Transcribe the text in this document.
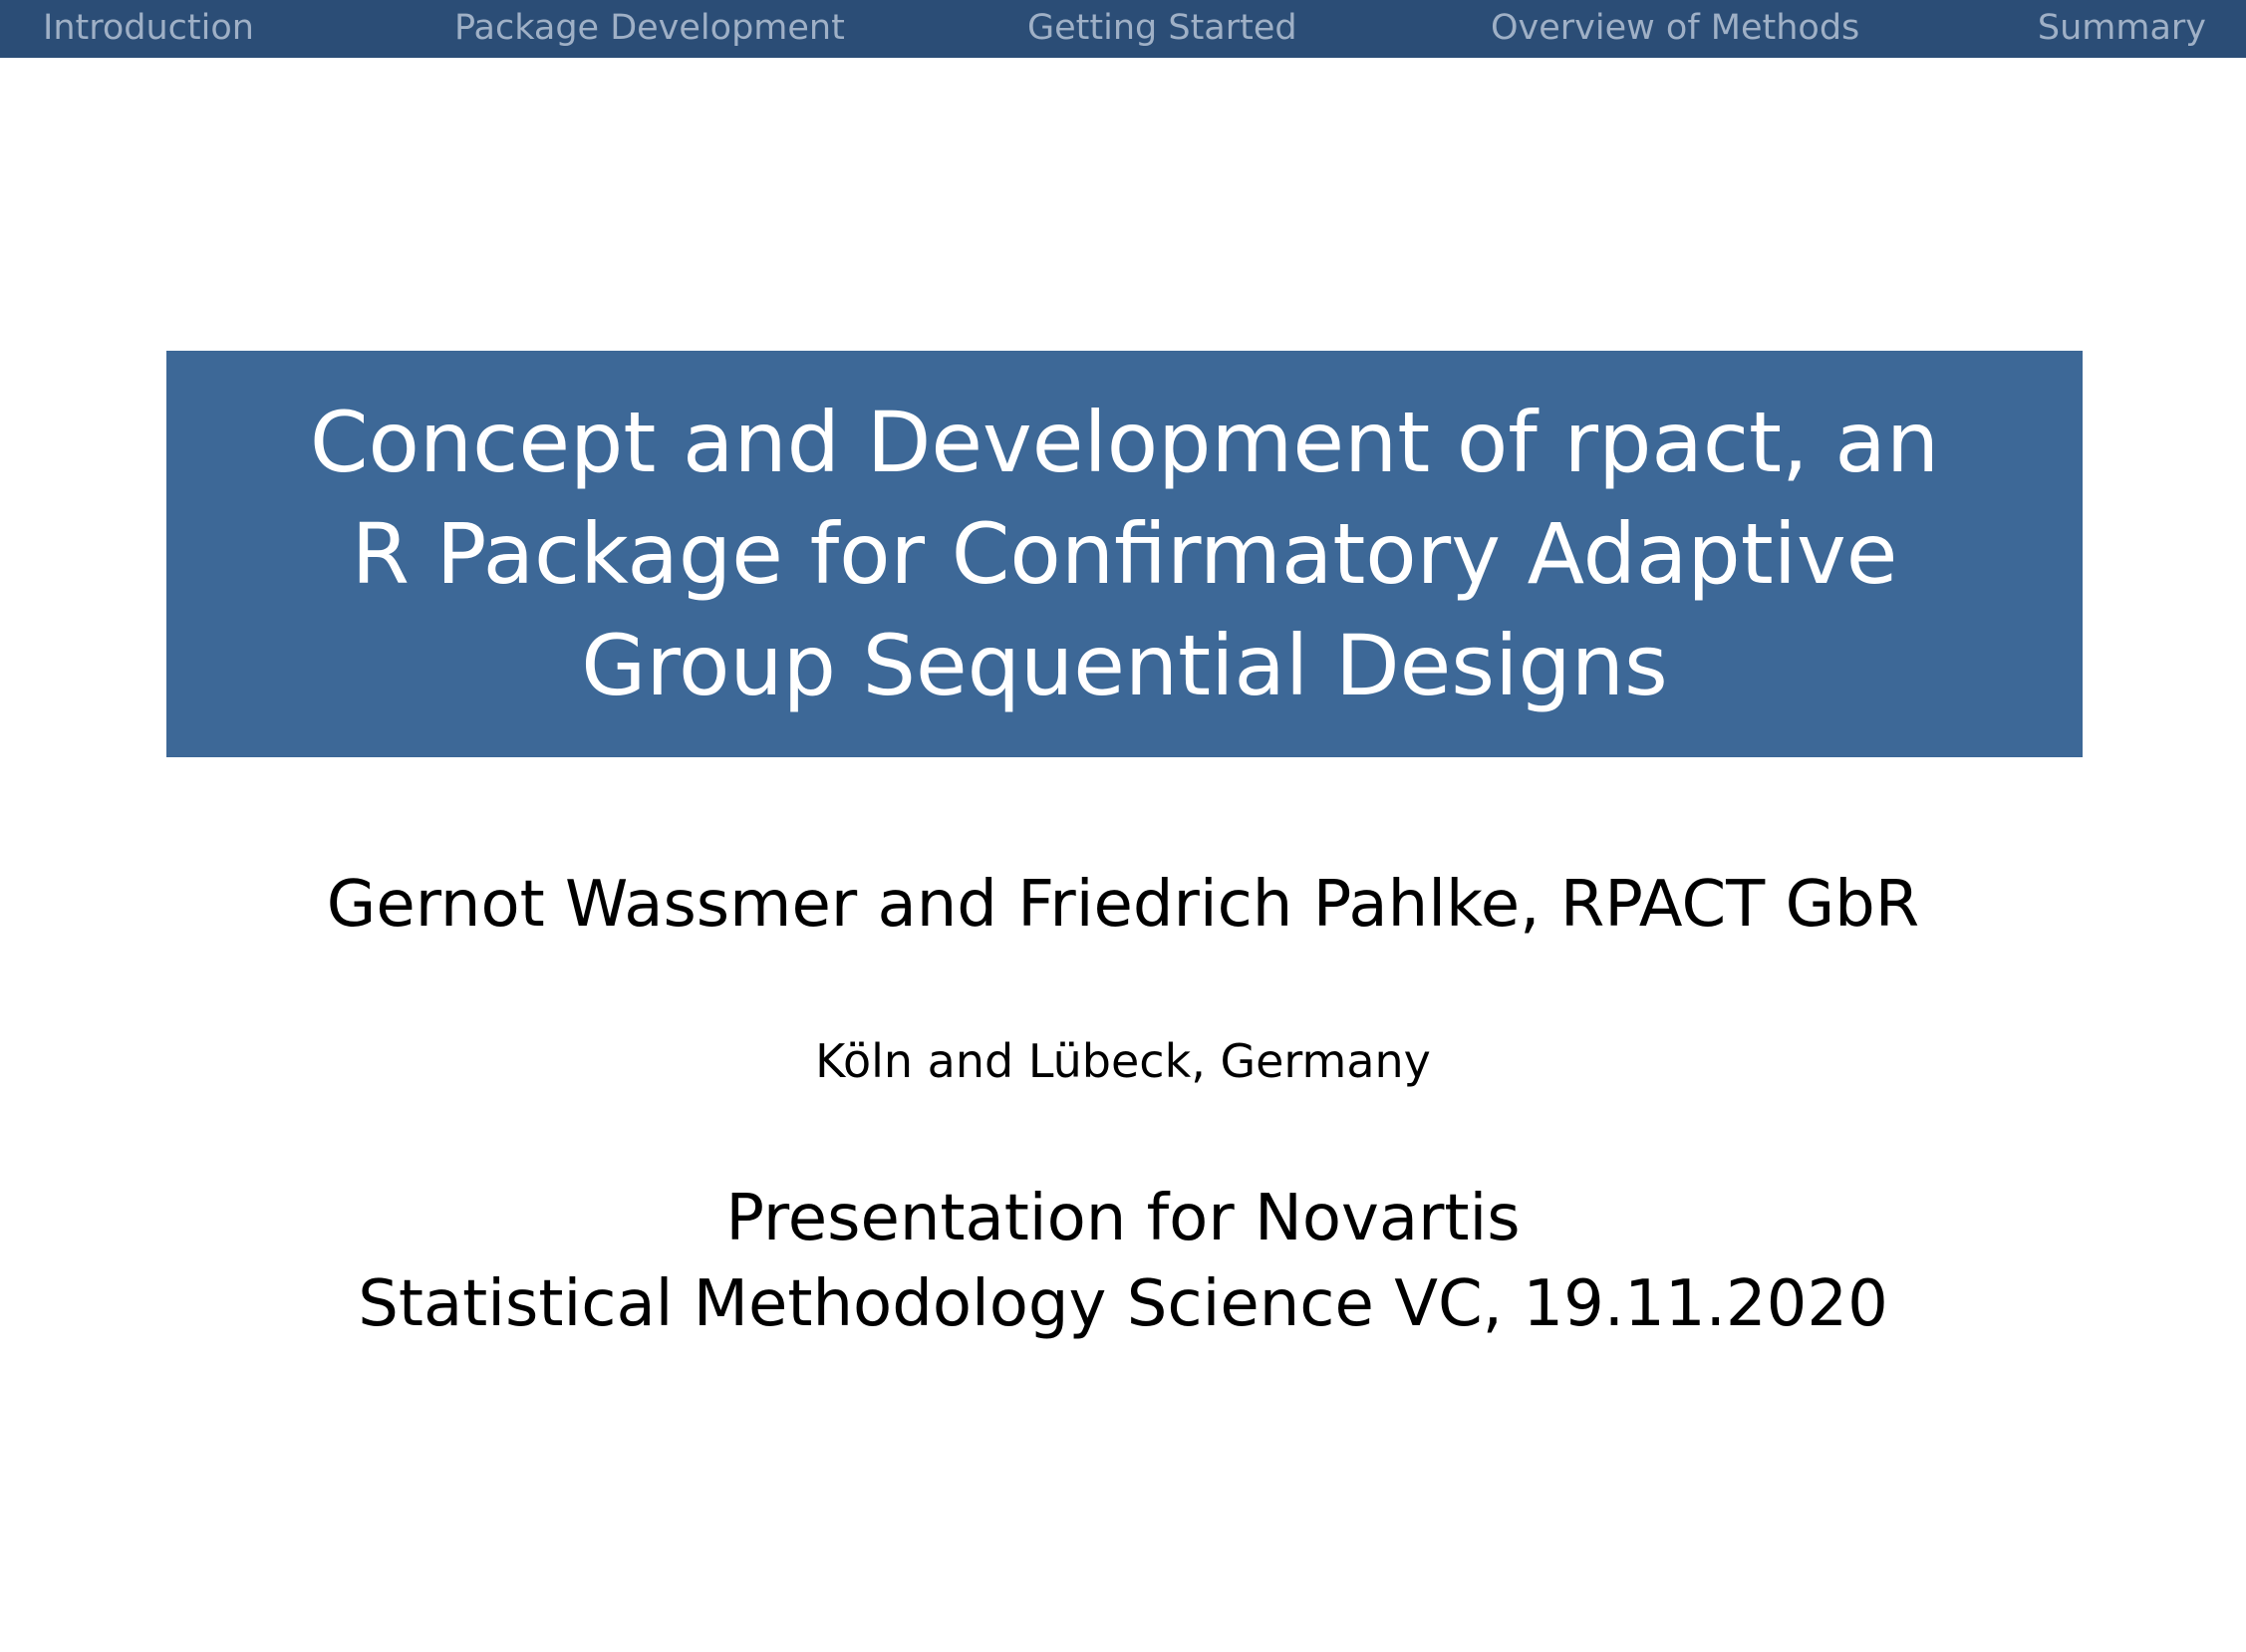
Introduction	Package Development	Getting Started	Overview of Methods	Summary

Concept and Development of rpact, an R Package for Confirmatory Adaptive Group Sequential Designs

Gernot Wassmer and Friedrich Pahlke, RPACT GbR
Köln and Lübeck, Germany
Presentation for Novartis
Statistical Methodology Science VC, 19.11.2020
